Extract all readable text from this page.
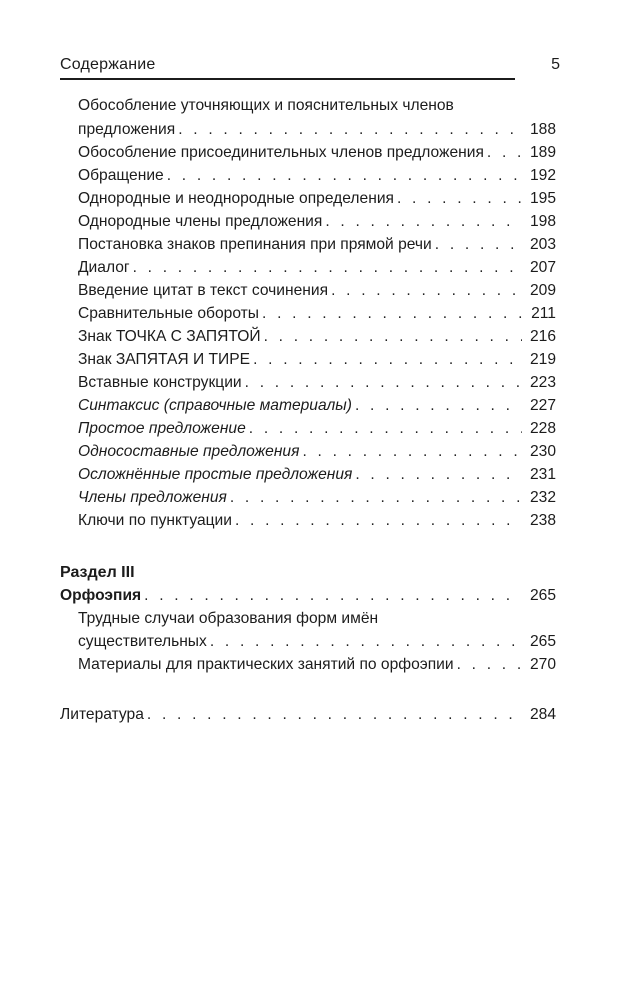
Содержание	5
Обособление уточняющих и пояснительных членов
предложения . . .	188
Обособление присоединительных членов предложения . . .	189
Обращение . . .	192
Однородные и неоднородные определения . . .	195
Однородные члены предложения . . .	198
Постановка знаков препинания при прямой речи . . .	203
Диалог . . .	207
Введение цитат в текст сочинения . . .	209
Сравнительные обороты . . .	211
Знак ТОЧКА С ЗАПЯТОЙ . . .	216
Знак ЗАПЯТАЯ И ТИРЕ . . .	219
Вставные конструкции . . .	223
Синтаксис (справочные материалы) . . .	227
Простое предложение . . .	228
Односоставные предложения . . .	230
Осложнённые простые предложения . . .	231
Члены предложения . . .	232
Ключи по пунктуации . . .	238
Раздел III
Орфоэпия . . .	265
Трудные случаи образования форм имён
существительных . . .	265
Материалы для практических занятий по орфоэпии . . .	270
Литература . . .	284
